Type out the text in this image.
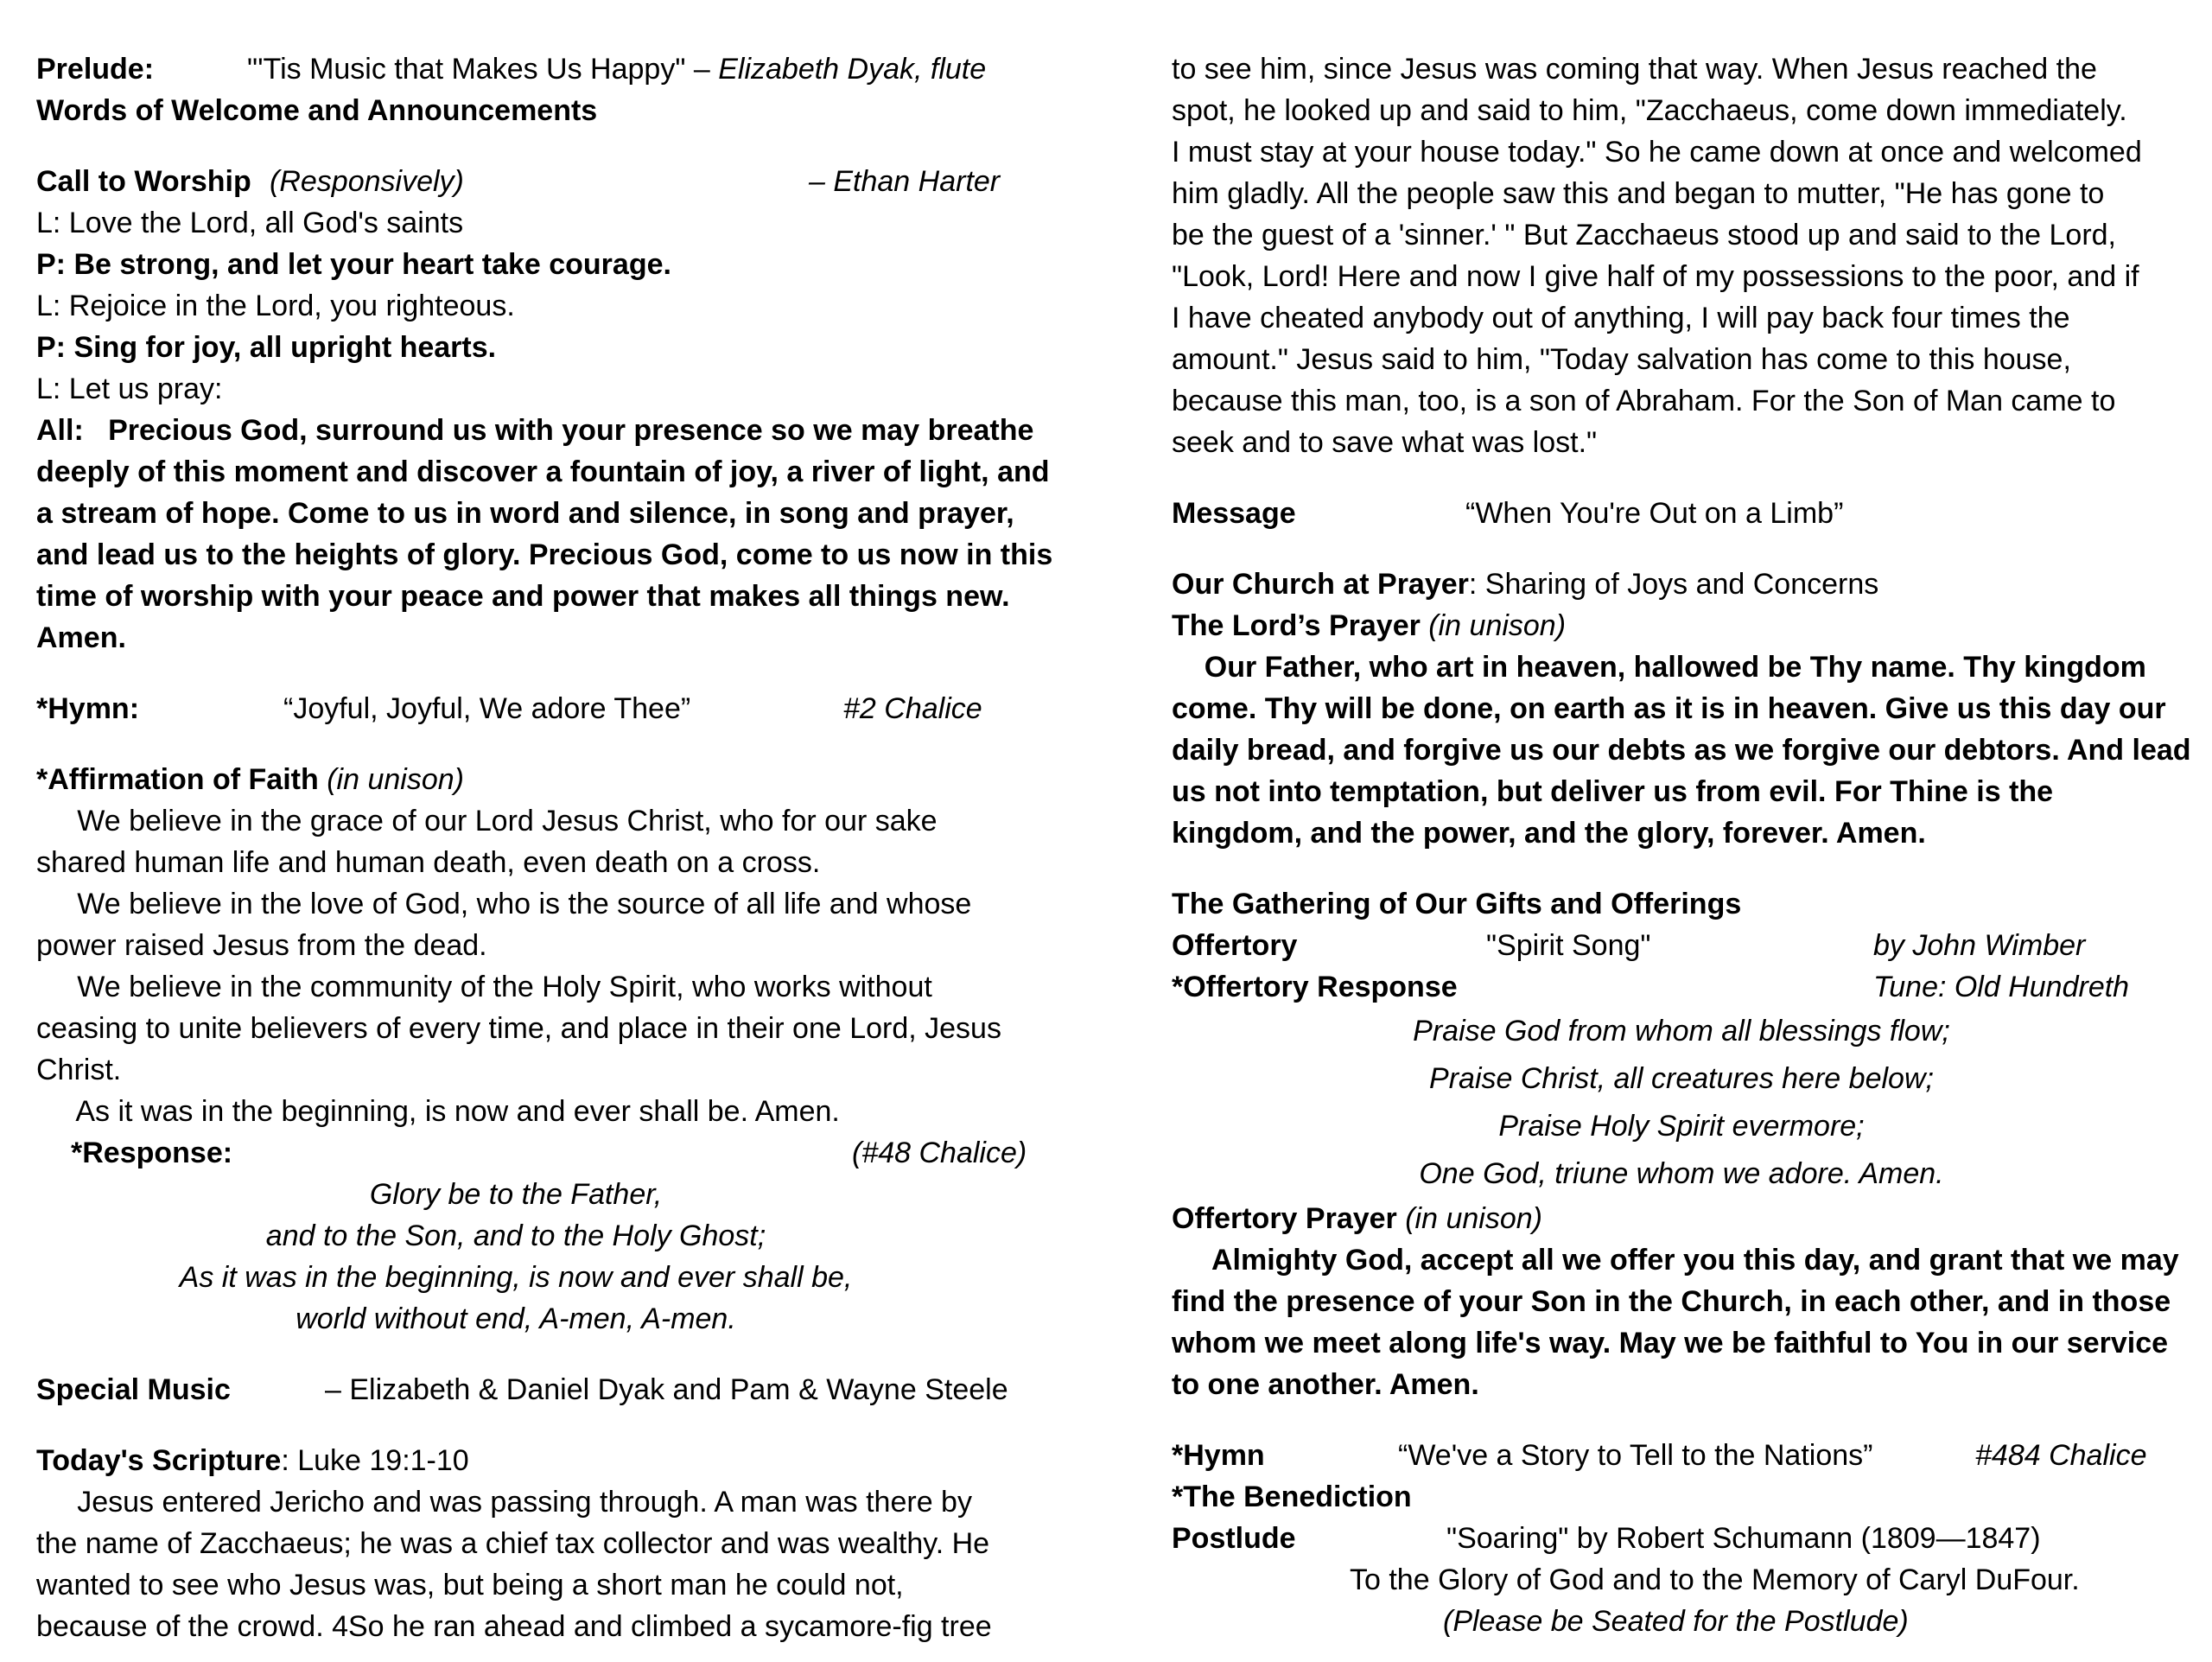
Prelude:	"'Tis Music that Makes Us Happy" – Elizabeth Dyak, flute
Words of Welcome and Announcements
Call to Worship (Responsively)	– Ethan Harter
L: Love the Lord, all God's saints
P: Be strong, and let your heart take courage.
L: Rejoice in the Lord, you righteous.
P: Sing for joy, all upright hearts.
L: Let us pray:
All:   Precious God, surround us with your presence so we may breathe
deeply of this moment and discover a fountain of joy, a river of light, and
a stream of hope. Come to us in word and silence, in song and prayer,
and lead us to the heights of glory. Precious God, come to us now in this
time of worship with your peace and power that makes all things new.
Amen.
*Hymn:	“Joyful, Joyful, We adore Thee”	#2 Chalice
*Affirmation of Faith (in unison)
We believe in the grace of our Lord Jesus Christ, who for our sake
shared human life and human death, even death on a cross.
We believe in the love of God, who is the source of all life and whose
power raised Jesus from the dead.
We believe in the community of the Holy Spirit, who works without
ceasing to unite believers of every time, and place in their one Lord, Jesus
Christ.
As it was in the beginning, is now and ever shall be. Amen.
*Response:	(#48 Chalice)
Glory be to the Father,
and to the Son, and to the Holy Ghost;
As it was in the beginning, is now and ever shall be,
world without end, A-men, A-men.
Special Music	– Elizabeth & Daniel Dyak and Pam & Wayne Steele
Today's Scripture: Luke 19:1-10
Jesus entered Jericho and was passing through. A man was there by
the name of Zacchaeus; he was a chief tax collector and was wealthy. He
wanted to see who Jesus was, but being a short man he could not,
because of the crowd. 4So he ran ahead and climbed a sycamore-fig tree
to see him, since Jesus was coming that way. When Jesus reached the
spot, he looked up and said to him, "Zacchaeus, come down immediately.
I must stay at your house today." So he came down at once and welcomed
him gladly. All the people saw this and began to mutter, "He has gone to
be the guest of a 'sinner.' " But Zacchaeus stood up and said to the Lord,
"Look, Lord! Here and now I give half of my possessions to the poor, and if
I have cheated anybody out of anything, I will pay back four times the
amount." Jesus said to him, "Today salvation has come to this house,
because this man, too, is a son of Abraham. For the Son of Man came to
seek and to save what was lost."
Message	“When You're Out on a Limb”
Our Church at Prayer: Sharing of Joys and Concerns
The Lord’s Prayer (in unison)
Our Father, who art in heaven, hallowed be Thy name. Thy kingdom
come. Thy will be done, on earth as it is in heaven. Give us this day our
daily bread, and forgive us our debts as we forgive our debtors. And lead
us not into temptation, but deliver us from evil. For Thine is the
kingdom, and the power, and the glory, forever. Amen.
The Gathering of Our Gifts and Offerings
Offertory	"Spirit Song"	by John Wimber
*Offertory Response	Tune: Old Hundreth
Praise God from whom all blessings flow;
Praise Christ, all creatures here below;
Praise Holy Spirit evermore;
One God, triune whom we adore. Amen.
Offertory Prayer (in unison)
Almighty God, accept all we offer you this day, and grant that we may
find the presence of your Son in the Church, in each other, and in those
whom we meet along life's way. May we be faithful to You in our service
to one another. Amen.
*Hymn	“We've a Story to Tell to the Nations”	#484 Chalice
*The Benediction
Postlude	"Soaring" by Robert Schumann (1809—1847)
To the Glory of God and to the Memory of Caryl DuFour.
(Please be Seated for the Postlude)
